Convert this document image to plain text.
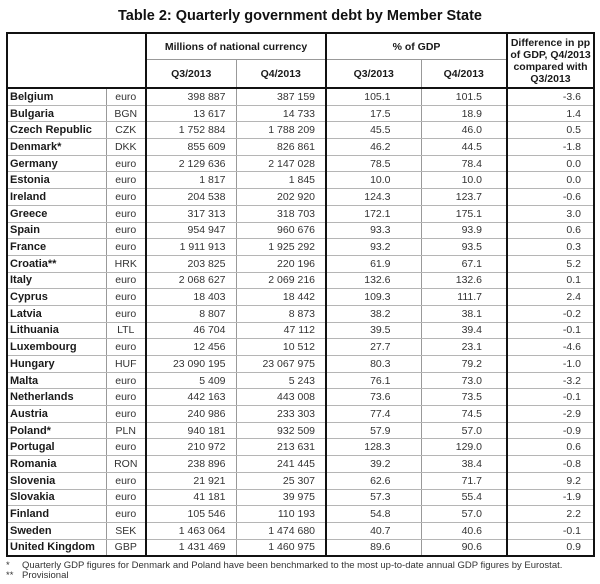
Table 2: Quarterly government debt by Member State
		Millions of national currency		% of GDP		Difference in pp of GDP, Q4/2013 compared with Q3/2013
		Q3/2013	Q4/2013	Q3/2013	Q4/2013	
Belgium	euro	398 887	387 159	105.1	101.5	-3.6
Bulgaria	BGN	13 617	14 733	17.5	18.9	1.4
Czech Republic	CZK	1 752 884	1 788 209	45.5	46.0	0.5
Denmark*	DKK	855 609	826 861	46.2	44.5	-1.8
Germany	euro	2 129 636	2 147 028	78.5	78.4	0.0
Estonia	euro	1 817	1 845	10.0	10.0	0.0
Ireland	euro	204 538	202 920	124.3	123.7	-0.6
Greece	euro	317 313	318 703	172.1	175.1	3.0
Spain	euro	954 947	960 676	93.3	93.9	0.6
France	euro	1 911 913	1 925 292	93.2	93.5	0.3
Croatia**	HRK	203 825	220 196	61.9	67.1	5.2
Italy	euro	2 068 627	2 069 216	132.6	132.6	0.1
Cyprus	euro	18 403	18 442	109.3	111.7	2.4
Latvia	euro	8 807	8 873	38.2	38.1	-0.2
Lithuania	LTL	46 704	47 112	39.5	39.4	-0.1
Luxembourg	euro	12 456	10 512	27.7	23.1	-4.6
Hungary	HUF	23 090 195	23 067 975	80.3	79.2	-1.0
Malta	euro	5 409	5 243	76.1	73.0	-3.2
Netherlands	euro	442 163	443 008	73.6	73.5	-0.1
Austria	euro	240 986	233 303	77.4	74.5	-2.9
Poland*	PLN	940 181	932 509	57.9	57.0	-0.9
Portugal	euro	210 972	213 631	128.3	129.0	0.6
Romania	RON	238 896	241 445	39.2	38.4	-0.8
Slovenia	euro	21 921	25 307	62.6	71.7	9.2
Slovakia	euro	41 181	39 975	57.3	55.4	-1.9
Finland	euro	105 546	110 193	54.8	57.0	2.2
Sweden	SEK	1 463 064	1 474 680	40.7	40.6	-0.1
United Kingdom	GBP	1 431 469	1 460 975	89.6	90.6	0.9
*	Quarterly GDP figures for Denmark and Poland have been benchmarked to the most up-to-date annual GDP figures by Eurostat.
** Provisional
